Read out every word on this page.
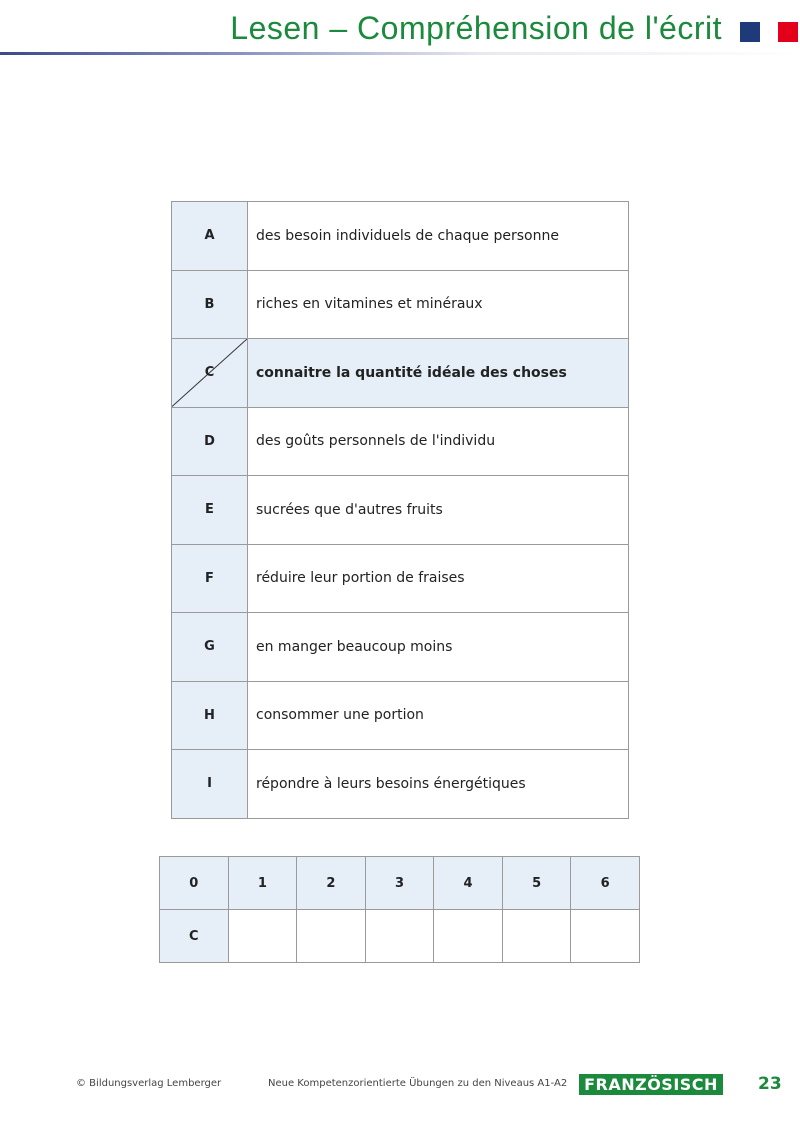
Lesen – Compréhension de l'écrit
A	des besoin individuels de chaque personne
B	riches en vitamines et minéraux

C	connaitre la quantité idéale des choses
D	des goûts personnels de l'individu
E	sucrées que d'autres fruits
F	réduire leur portion de fraises
G	en manger beaucoup moins
H	consommer une portion
I	répondre à leurs besoins énergétiques
0	1	2	3	4	5	6
C						
© Bildungsverlag Lemberger	Neue Kompetenzorientierte Übungen zu den Niveaus A1-A2	FRANZÖSISCH 23
